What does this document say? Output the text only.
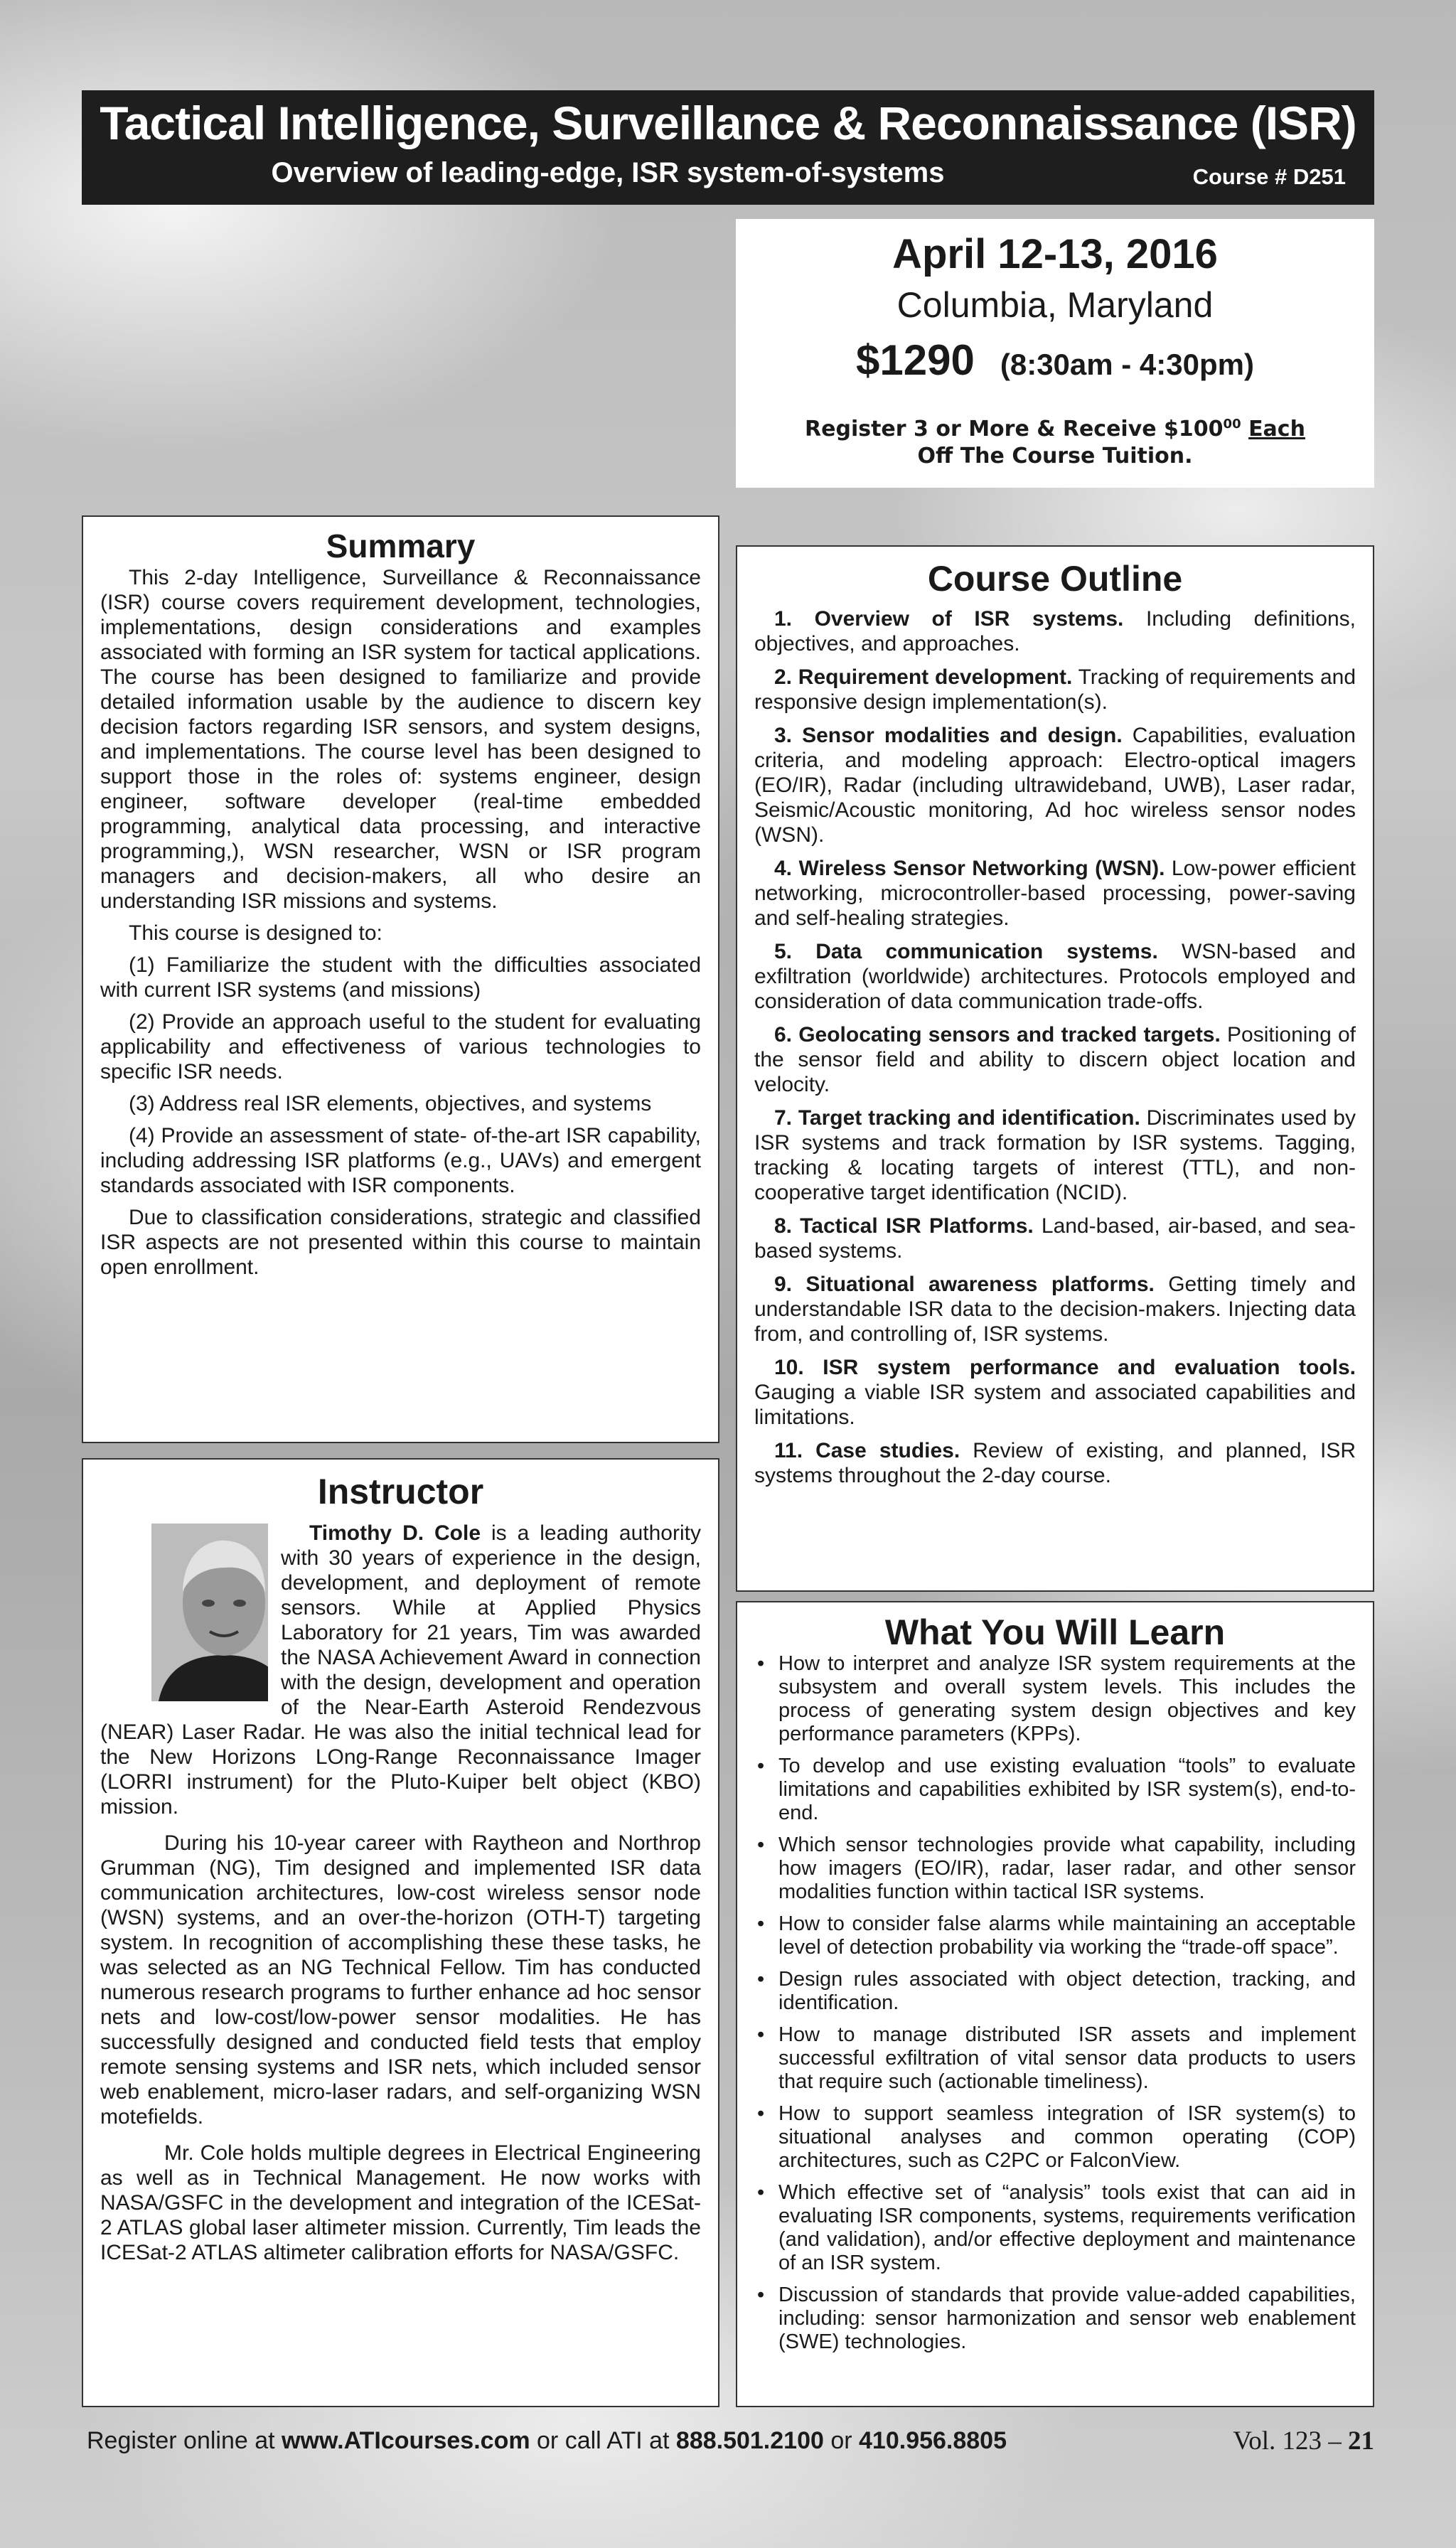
Tactical Intelligence, Surveillance & Reconnaissance (ISR)
Overview of leading-edge, ISR system-of-systems	Course # D251
April 12-13, 2016
Columbia, Maryland
$1290 (8:30am - 4:30pm)
Register 3 or More & Receive $\$100^{00}$ Each
Off The Course Tuition.
Summary

This 2-day Intelligence, Surveillance & Reconnaissance (ISR) course covers requirement development, technologies, implementations, design considerations and examples associated with forming an ISR system for tactical applications. The course has been designed to familiarize and provide detailed information usable by the audience to discern key decision factors regarding ISR sensors, and system designs, and implementations. The course level has been designed to support those in the roles of: systems engineer, design engineer, software developer (real-time embedded programming, analytical data processing, and interactive programming,), WSN researcher, WSN or ISR program managers and decision-makers, all who desire an understanding ISR missions and systems.

This course is designed to:

(1) Familiarize the student with the difficulties associated with current ISR systems (and missions)

(2) Provide an approach useful to the student for evaluating applicability and effectiveness of various technologies to specific ISR needs.

(3) Address real ISR elements, objectives, and systems

(4) Provide an assessment of state- of-the-art ISR capability, including addressing ISR platforms (e.g., UAVs) and emergent standards associated with ISR components.

Due to classification considerations, strategic and classified ISR aspects are not presented within this course to maintain open enrollment.

Instructor

Timothy D. Cole
is a leading authority with 30 years of experience in the design, development, and deployment of remote sensors. While at Applied Physics Laboratory for 21 years, Tim was awarded the NASA Achievement Award in connection with the design, development and operation of the Near-Earth Asteroid Rendezvous (NEAR) Laser Radar. He was also the initial technical lead for the New Horizons LOng-Range Reconnaissance Imager (LORRI instrument) for the Pluto-Kuiper belt object (KBO) mission.

During his 10-year career with Raytheon and Northrop Grumman (NG), Tim designed and implemented ISR data communication architectures, low-cost wireless sensor node (WSN) systems, and an over-the-horizon (OTH-T) targeting system. In recognition of accomplishing these these tasks, he was selected as an NG Technical Fellow. Tim has conducted numerous research programs to further enhance ad hoc sensor nets and low-cost/low-power sensor modalities. He has successfully designed and conducted field tests that employ remote sensing systems and ISR nets, which included sensor web enablement, micro-laser radars, and self-organizing WSN motefields.

Mr. Cole holds multiple degrees in Electrical Engineering as well as in Technical Management. He now works with NASA/GSFC in the development and integration of the ICESat-2 ATLAS global laser altimeter mission. Currently, Tim leads the ICESat-2 ATLAS altimeter calibration efforts for NASA/GSFC.

Course Outline

1. Overview of ISR systems. Including definitions, objectives, and approaches.

2. Requirement development. Tracking of requirements and responsive design implementation(s).

3. Sensor modalities and design. Capabilities, evaluation criteria, and modeling approach: Electro-optical imagers (EO/IR), Radar (including ultrawideband, UWB), Laser radar, Seismic/Acoustic monitoring, Ad hoc wireless sensor nodes (WSN).

4. Wireless Sensor Networking (WSN). Low-power efficient networking, microcontroller-based processing, power-saving and self-healing strategies.

5. Data communication systems. WSN-based and exfiltration (worldwide) architectures. Protocols employed and consideration of data communication trade-offs.

6. Geolocating sensors and tracked targets. Positioning of the sensor field and ability to discern object location and velocity.

7. Target tracking and identification. Discriminates used by ISR systems and track formation by ISR systems. Tagging, tracking & locating targets of interest (TTL), and non-cooperative target identification (NCID).

8. Tactical ISR Platforms. Land-based, air-based, and sea-based systems.

9. Situational awareness platforms. Getting timely and understandable ISR data to the decision-makers. Injecting data from, and controlling of, ISR systems.

10. ISR system performance and evaluation tools. Gauging a viable ISR system and associated capabilities and limitations.

11. Case studies. Review of existing, and planned, ISR systems throughout the 2-day course.

What You Will Learn
• How to interpret and analyze ISR system requirements at the subsystem and overall system levels. This includes the process of generating system design objectives and key performance parameters (KPPs).
• To develop and use existing evaluation “tools” to evaluate limitations and capabilities exhibited by ISR system(s), end-to-end.
• Which sensor technologies provide what capability, including how imagers (EO/IR), radar, laser radar, and other sensor modalities function within tactical ISR systems.
• How to consider false alarms while maintaining an acceptable level of detection probability via working the “trade-off space”.
• Design rules associated with object detection, tracking, and identification.
• How to manage distributed ISR assets and implement successful exfiltration of vital sensor data products to users that require such (actionable timeliness).
• How to support seamless integration of ISR system(s) to situational analyses and common operating (COP) architectures, such as C2PC or FalconView.
• Which effective set of “analysis” tools exist that can aid in evaluating ISR components, systems, requirements verification (and validation), and/or effective deployment and maintenance of an ISR system.
• Discussion of standards that provide value-added capabilities, including: sensor harmonization and sensor web enablement (SWE) technologies.
Register online at www.ATIcourses.com or call ATI at 888.501.2100 or 410.956.8805	Vol. 123 – 21
